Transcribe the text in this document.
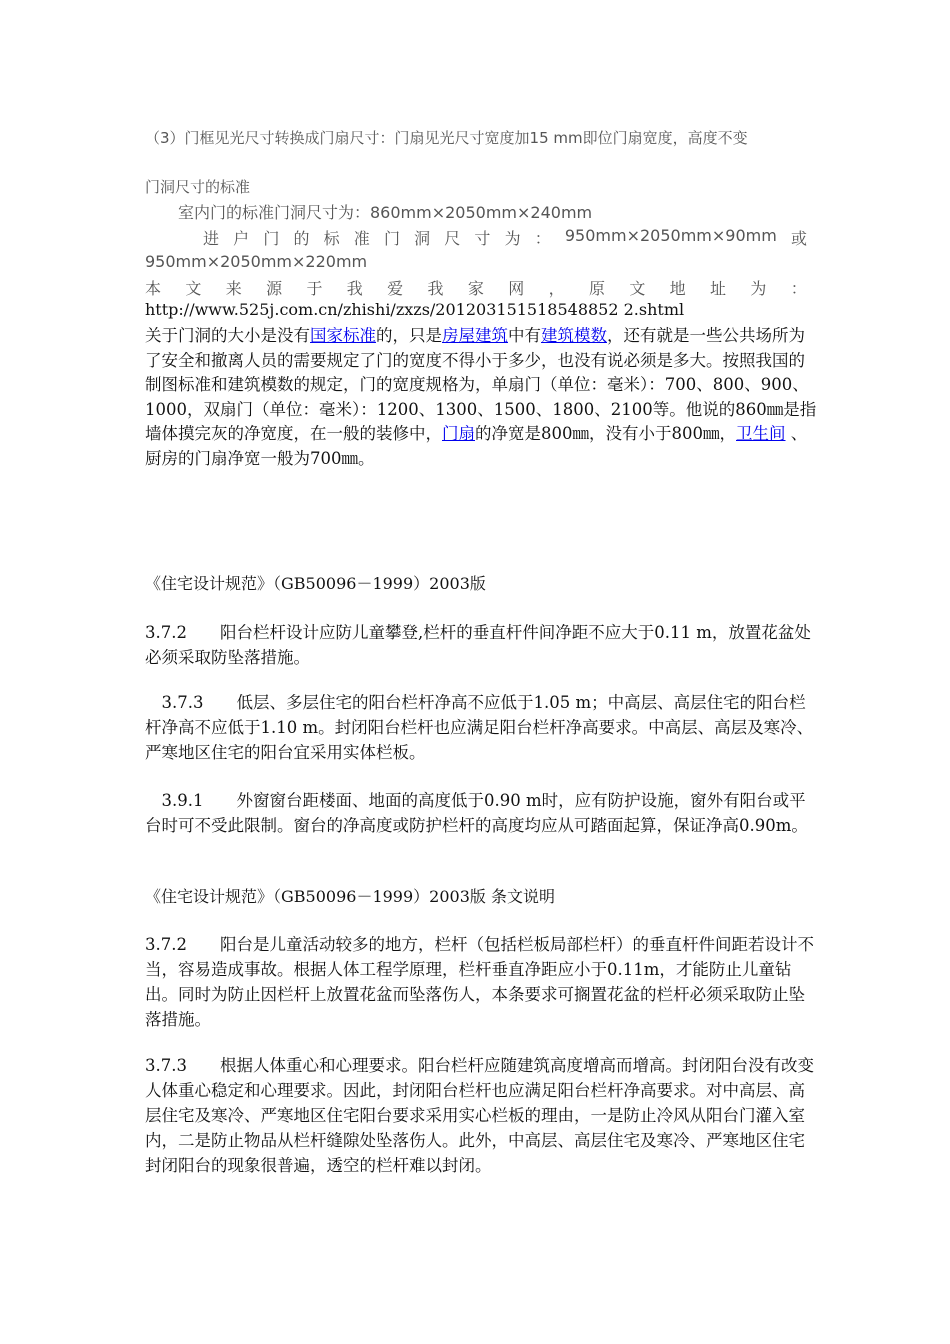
（3）门框见光尺寸转换成门扇尺寸：门扇见光尺寸宽度加15 mm即位门扇宽度，高度不变
门洞尺寸的标准
室内门的标准门洞尺寸为：860mm×2050mm×240mm
进 户 门 的 标 准 门 洞 尺 寸 为 ： 950mm×2050mm×90mm 或
950mm×2050mm×220mm
本 文 来 源 于 我 爱 我 家 网 ， 原 文 地 址 为 ：
http://www.525j.com.cn/zhishi/zxzs/201203151518548852 2.shtml
关于门洞的大小是没有国家标准的，只是房屋建筑中有建筑模数，还有就是一些公共场所为了安全和撤离人员的需要规定了门的宽度不得小于多少，也没有说必须是多大。按照我国的制图标准和建筑模数的规定，门的宽度规格为，单扇门（单位：毫米）：700、800、900、1000，双扇门（单位：毫米）：1200、1300、1500、1800、2100等。他说的860㎜是指墙体摸完灰的净宽度，在一般的装修中，门扇的净宽是800㎜，没有小于800㎜，卫生间 、厨房的门扇净宽一般为700㎜。
《住宅设计规范》（GB50096－1999）2003版
3.7.2　　阳台栏杆设计应防儿童攀登,栏杆的垂直杆件间净距不应大于0.11 m，放置花盆处必须采取防坠落措施。
　3.7.3　　低层、多层住宅的阳台栏杆净高不应低于1.05 m；中高层、高层住宅的阳台栏杆净高不应低于1.10 m。封闭阳台栏杆也应满足阳台栏杆净高要求。中高层、高层及寒冷、严寒地区住宅的阳台宜采用实体栏板。
　3.9.1　　外窗窗台距楼面、地面的高度低于0.90 m时，应有防护设施，窗外有阳台或平台时可不受此限制。窗台的净高度或防护栏杆的高度均应从可踏面起算，保证净高0.90m。
《住宅设计规范》（GB50096－1999）2003版 条文说明
3.7.2　　阳台是儿童活动较多的地方，栏杆（包括栏板局部栏杆）的垂直杆件间距若设计不当，容易造成事故。根据人体工程学原理，栏杆垂直净距应小于0.11m，才能防止儿童钻出。同时为防止因栏杆上放置花盆而坠落伤人，本条要求可搁置花盆的栏杆必须采取防止坠落措施。
3.7.3　　根据人体重心和心理要求。阳台栏杆应随建筑高度增高而增高。封闭阳台没有改变人体重心稳定和心理要求。因此，封闭阳台栏杆也应满足阳台栏杆净高要求。对中高层、高层住宅及寒冷、严寒地区住宅阳台要求采用实心栏板的理由，一是防止冷风从阳台门灌入室内，二是防止物品从栏杆缝隙处坠落伤人。此外，中高层、高层住宅及寒冷、严寒地区住宅封闭阳台的现象很普遍，透空的栏杆难以封闭。
